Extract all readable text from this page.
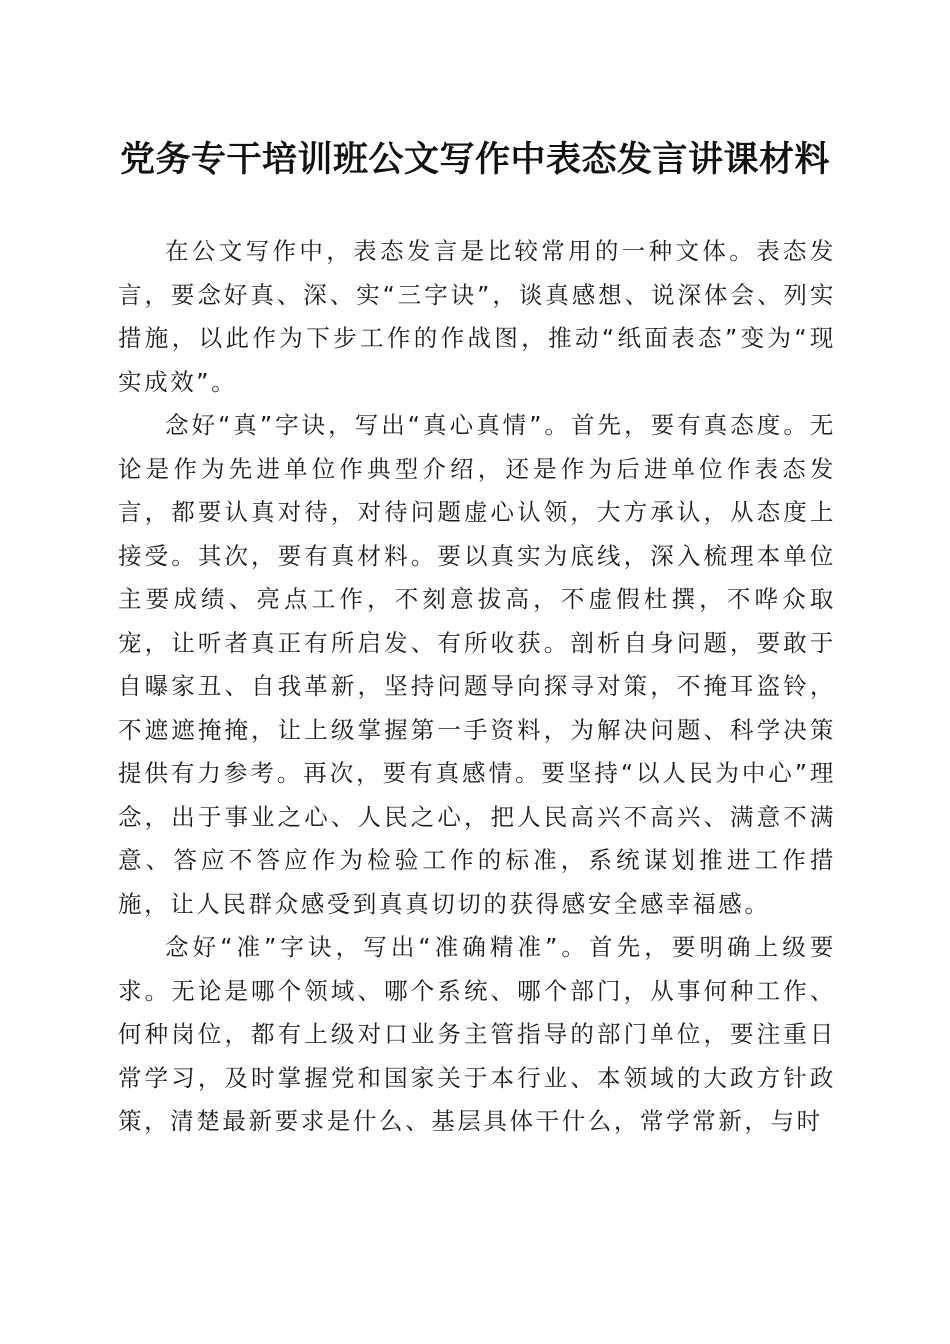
党务专干培训班公文写作中表态发言讲课材料

在公文写作中，表态发言是比较常用的一种文体。表态发言，要念好真、深、实“三字诀”，谈真感想、说深体会、列实措施，以此作为下步工作的作战图，推动“纸面表态”变为“现实成效”。

念好“真”字诀，写出“真心真情”。首先，要有真态度。无论是作为先进单位作典型介绍，还是作为后进单位作表态发言，都要认真对待，对待问题虚心认领，大方承认，从态度上接受。其次，要有真材料。要以真实为底线，深入梳理本单位主要成绩、亮点工作，不刻意拔高，不虚假杜撰，不哗众取宠，让听者真正有所启发、有所收获。剖析自身问题，要敢于自曝家丑、自我革新，坚持问题导向探寻对策，不掩耳盗铃，不遮遮掩掩，让上级掌握第一手资料，为解决问题、科学决策提供有力参考。再次，要有真感情。要坚持“以人民为中心”理念，出于事业之心、人民之心，把人民高兴不高兴、满意不满意、答应不答应作为检验工作的标准，系统谋划推进工作措施，让人民群众感受到真真切切的获得感安全感幸福感。

念好“准”字诀，写出“准确精准”。首先，要明确上级要求。无论是哪个领域、哪个系统、哪个部门，从事何种工作、何种岗位，都有上级对口业务主管指导的部门单位，要注重日常学习，及时掌握党和国家关于本行业、本领域的大政方针政策，清楚最新要求是什么、基层具体干什么，常学常新，与时
